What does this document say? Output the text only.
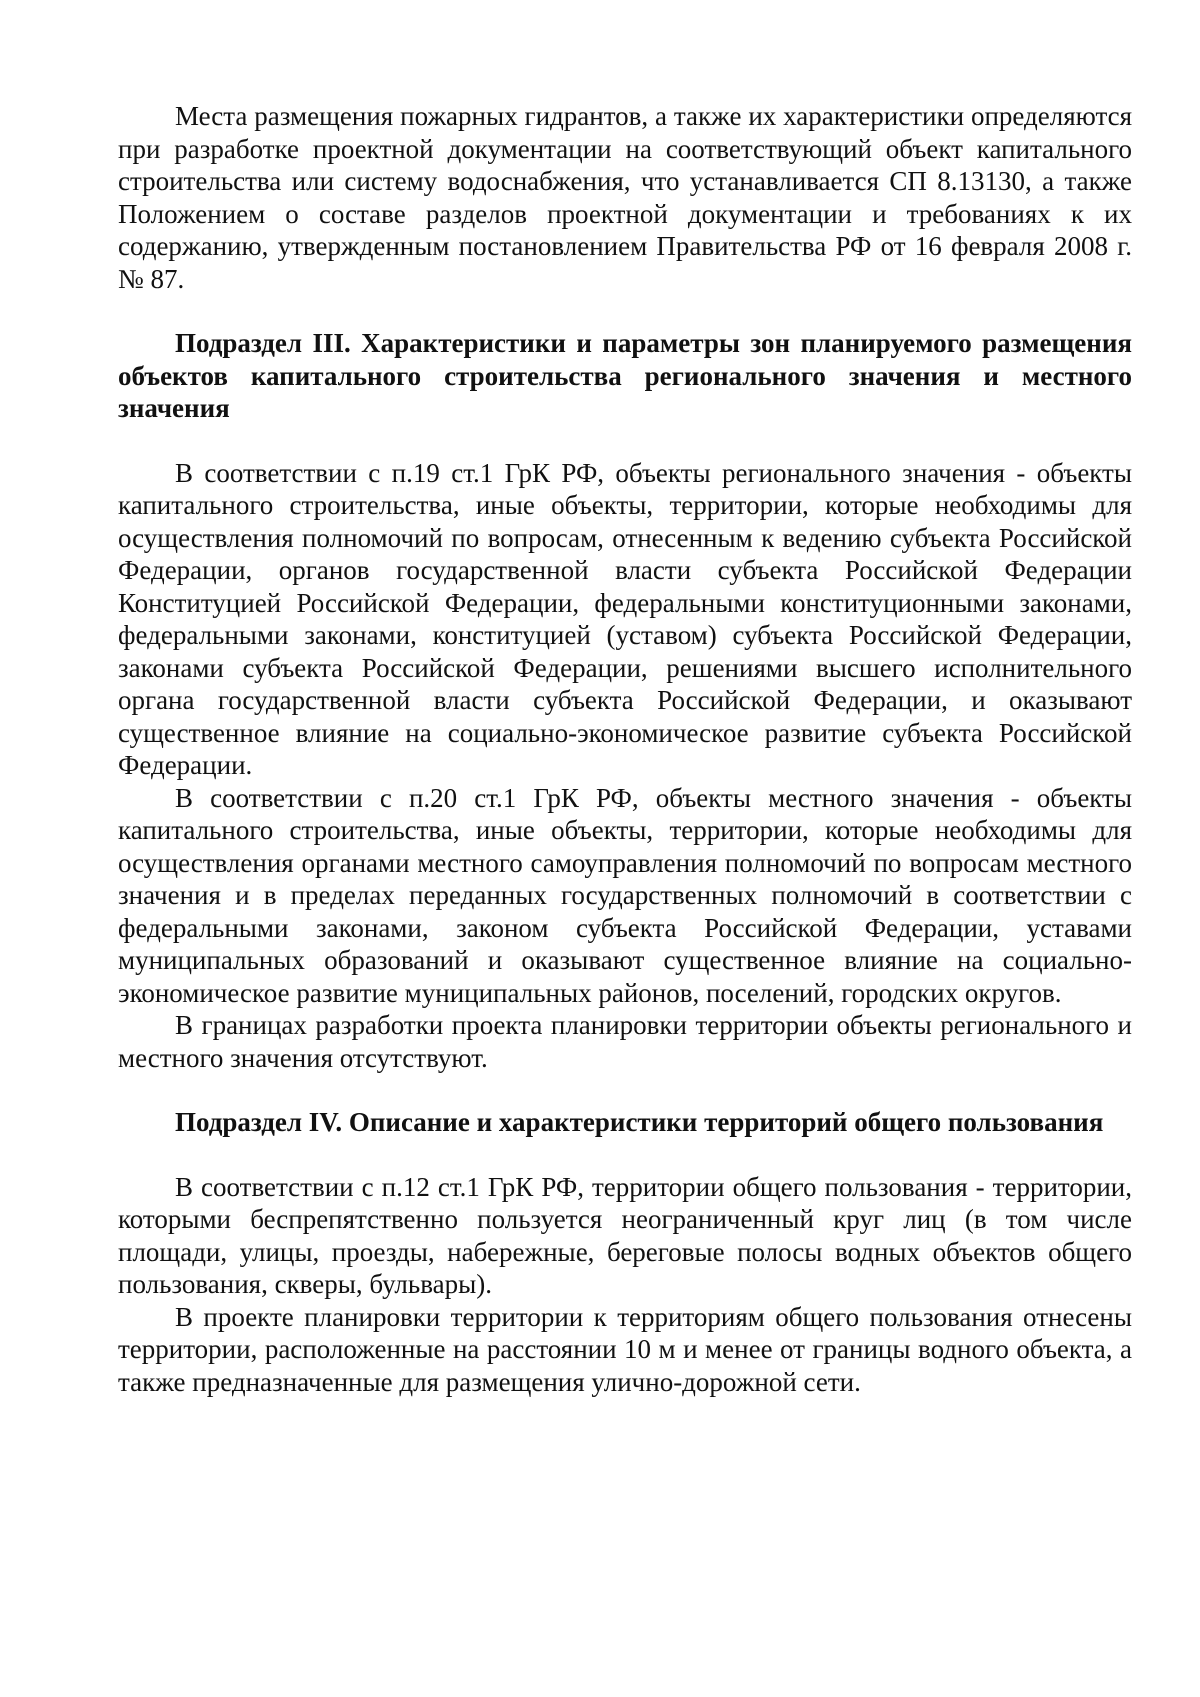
Места размещения пожарных гидрантов, а также их характеристики определяются при разработке проектной документации на соответствующий объект капитального строительства или систему водоснабжения, что устанавливается СП 8.13130, а также Положением о составе разделов проектной документации и требованиях к их содержанию, утвержденным постановлением Правительства РФ от 16 февраля 2008 г. № 87.

Подраздел III. Характеристики и параметры зон планируемого размещения объектов капитального строительства регионального значения и местного значения

В соответствии с п.19 ст.1 ГрК РФ, объекты регионального значения - объекты капитального строительства, иные объекты, территории, которые необходимы для осуществления полномочий по вопросам, отнесенным к ведению субъекта Российской Федерации, органов государственной власти субъекта Российской Федерации Конституцией Российской Федерации, федеральными конституционными законами, федеральными законами, конституцией (уставом) субъекта Российской Федерации, законами субъекта Российской Федерации, решениями высшего исполнительного органа государственной власти субъекта Российской Федерации, и оказывают существенное влияние на социально-экономическое развитие субъекта Российской Федерации.

В соответствии с п.20 ст.1 ГрК РФ, объекты местного значения - объекты капитального строительства, иные объекты, территории, которые необходимы для осуществления органами местного самоуправления полномочий по вопросам местного значения и в пределах переданных государственных полномочий в соответствии с федеральными законами, законом субъекта Российской Федерации, уставами муниципальных образований и оказывают существенное влияние на социально-экономическое развитие муниципальных районов, поселений, городских округов.

В границах разработки проекта планировки территории объекты регионального и местного значения отсутствуют.

Подраздел IV. Описание и характеристики территорий общего пользования

В соответствии с п.12 ст.1 ГрК РФ, территории общего пользования - территории, которыми беспрепятственно пользуется неограниченный круг лиц (в том числе площади, улицы, проезды, набережные, береговые полосы водных объектов общего пользования, скверы, бульвары).

В проекте планировки территории к территориям общего пользования отнесены территории, расположенные на расстоянии 10 м и менее от границы водного объекта, а также предназначенные для размещения улично-дорожной сети.
